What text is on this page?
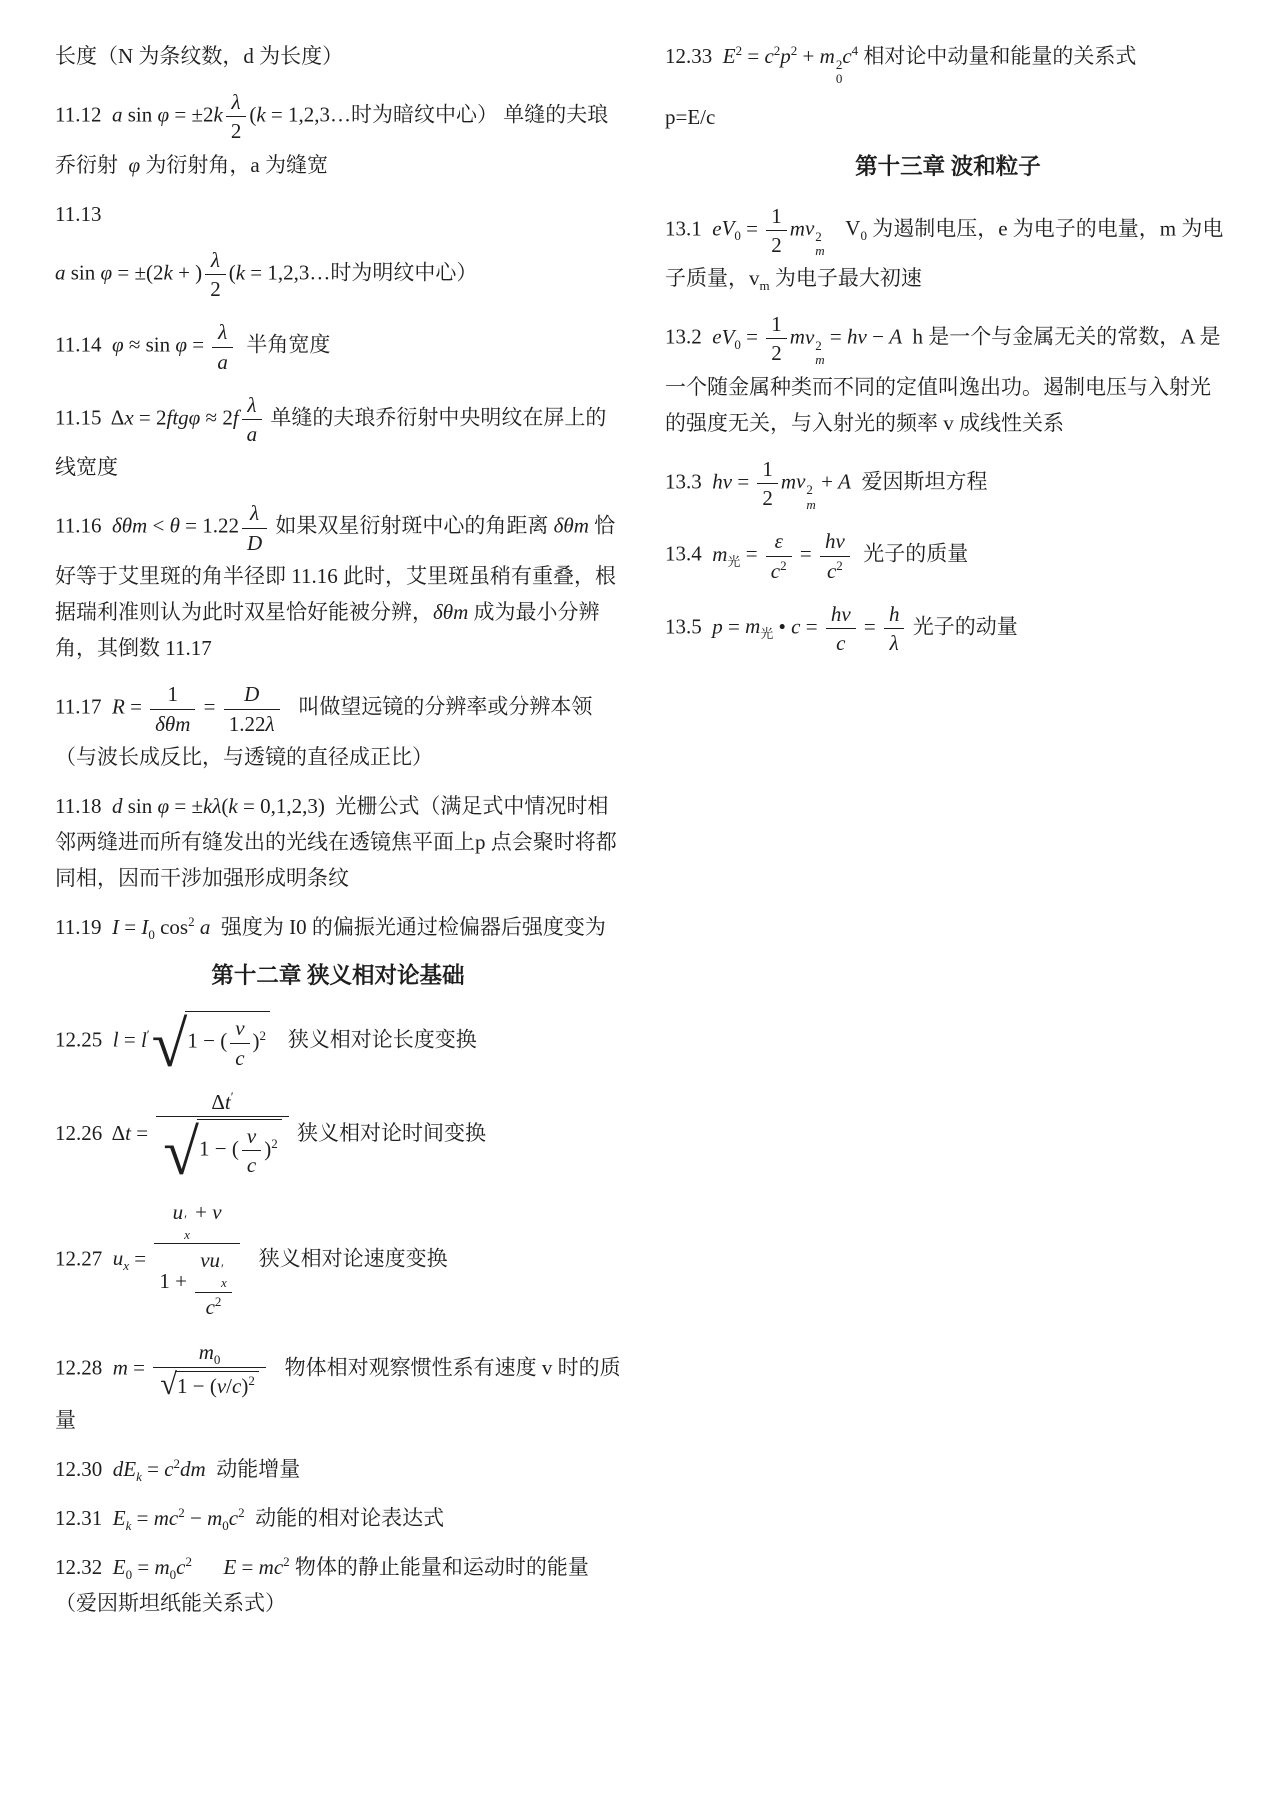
长度（N 为条纹数，d 为长度）
11.12  a $\sin \varphi = \pm 2k \frac{\lambda}{2} (k$ = 1,2,3…时为暗纹中心） 单缝的夫琅乔衍射  φ 为衍射角，a 为缝宽
11.13
a sin φ = ±(2k + ) $\frac{\lambda}{2} (k$ = 1,2,3…时为明纹中心）
11.14  $\varphi \approx \sin \varphi = \frac{\lambda}{a}$ 半角宽度
11.15  $\Delta x = 2ftg\varphi \approx 2f \frac{\lambda}{a}$ 单缝的夫琅乔衍射中央明纹在屏上的线宽度
11.16  $\delta\theta m < \theta = 1.22 \frac{\lambda}{D}$ 如果双星衍射斑中心的角距离 δθm 恰好等于艾里斑的角半径即 11.16 此时，艾里斑虽稍有重叠，根据瑞利准则认为此时双星恰好能被分辨，δθm 成为最小分辨角，其倒数 11.17
11.17  $R = \frac{1}{\text{δθm}} = \frac{D}{1.22\lambda}$ 叫做望远镜的分辨率或分辨本领（与波长成反比，与透镜的直径成正比）
11.18  d sin φ = ±kλ(k = 0,1,2,3)  光栅公式（满足式中情况时相邻两缝进而所有缝发出的光线在透镜焦平面上p 点会聚时将都同相，因而干涉加强形成明条纹
11.19  $I = I_0$ $\cos^2 a$  强度为 I0 的偏振光通过检偏器后强度变为
第十二章 狭义相对论基础
12.25  l = l′ √ 1 − ( $\frac{v}{c} )^2$ 狭义相对论长度变换
12.26  $\Delta t = \frac{\Delta t'}{√ 1 - ( \frac{v}{c} )^2}$ 狭义相对论时间变换
12.27  $u_x = u$ ′
x
+ v
1 + vu ′
x
$c^2$ 狭义相对论速度变换
12.28  $m = \frac{m_0}{√ 1 - (v/c)^2}$ 物体相对观察惯性系有速度 v 时的质量
12.30  $dE_k = c^2dm$  动能增量
12.31  $E_k = mc^2 - m_0c^2$  动能的相对论表达式
12.32  $E_0 = m_0c^2$ $E = mc^2$ 物体的静止能量和运动时的能量  （爱因斯坦纸能关系式）
12.33  $E^2 = c^2p^2 + m$ 2
0
$c^4$ 相对论中动量和能量的关系式
p=E/c
第十三章 波和粒子
13.1  $eV_0 = \frac{1}{2}$ mv 2
m
$V_0$ 为遏制电压，e 为电子的电量，m 为电子质量，$v_m$ 为电子最大初速
13.2  $eV_0 = \frac{1}{2}$ mv 2
m
= hv − A  h 是一个与金属无关的常数，A 是一个随金属种类而不同的定值叫逸出功。遏制电压与入射光的强度无关，与入射光的频率 v 成线性关系
13.3  hv = $\frac{1}{2}$ mv 2
m
+ A  爱因斯坦方程
13.4  $m_光 = \frac{\varepsilon}{c^2} = \frac{hv}{c^2}$ 光子的质量
13.5  $p = m_光$ • $c = \frac{hv}{c} = \frac{h}{\lambda}$ 光子的动量
